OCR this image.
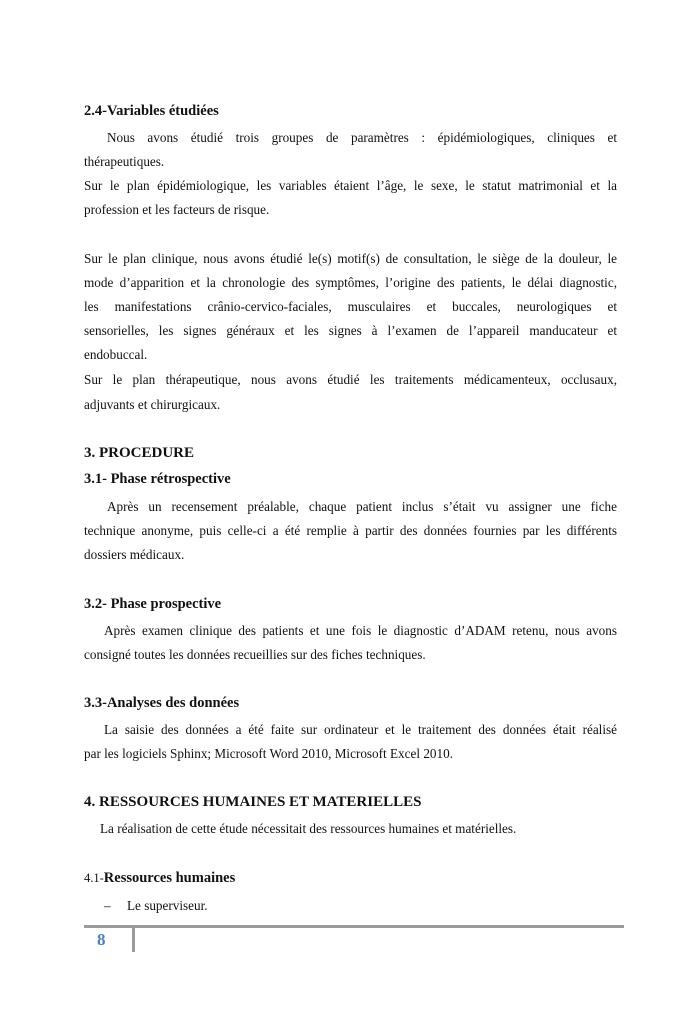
2.4-Variables étudiées
Nous avons étudié trois groupes de paramètres : épidémiologiques, cliniques et
thérapeutiques.
Sur le plan épidémiologique, les variables étaient l’âge, le sexe, le statut matrimonial et la
profession et les facteurs de risque.
Sur le plan clinique, nous avons étudié le(s) motif(s) de consultation, le siège de la douleur, le
mode d’apparition et la chronologie des symptômes, l’origine des patients, le délai diagnostic,
les manifestations crânio-cervico-faciales, musculaires et buccales, neurologiques et
sensorielles, les signes généraux et les signes à l’examen de l’appareil manducateur et
endobuccal.
Sur le plan thérapeutique, nous avons étudié les traitements médicamenteux, occlusaux,
adjuvants et chirurgicaux.
3. PROCEDURE
3.1- Phase rétrospective
Après un recensement préalable, chaque patient inclus s’était vu assigner une fiche
technique anonyme, puis celle-ci a été remplie à partir des données fournies par les différents
dossiers médicaux.
3.2- Phase prospective
Après examen clinique des patients et une fois le diagnostic d’ADAM retenu, nous avons
consigné toutes les données recueillies sur des fiches techniques.
3.3-Analyses des données
La saisie des données a été faite sur ordinateur et le traitement des données était réalisé
par les logiciels Sphinx; Microsoft Word 2010, Microsoft Excel 2010.
4. RESSOURCES HUMAINES ET MATERIELLES
La réalisation de cette étude nécessitait des ressources humaines et matérielles.
4.1-Ressources humaines
– Le superviseur.
8
